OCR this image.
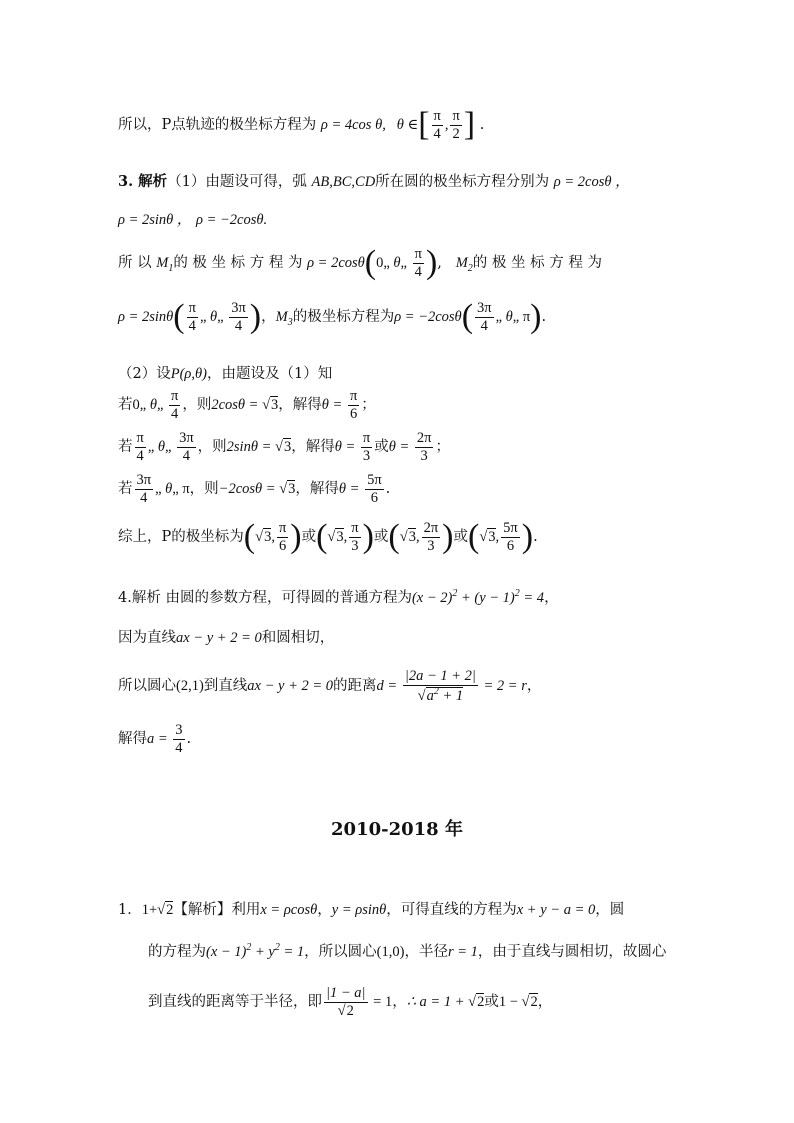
所以，P点轨迹的极坐标方程为 ρ = 4cos θ,   θ ∈[ $\frac{\pi}{4}$ , $\frac{\pi}{2}$ ] .
3. 解析（1）由题设可得，弧 AB,BC,CD所在圆的极坐标方程分别为 ρ = 2cosθ ，
ρ = 2sinθ ， ρ = −2cosθ.
所 以 $M_1$的 极 坐 标 方 程 为 ρ = 2cosθ(0„ θ„ $\frac{\pi}{4}$ ),   $M_2$的 极 坐 标 方 程 为
$\rho = 2\sin\theta( \frac{\pi}{4}$ „ θ„ $\frac{3\pi}{4}$ )，$M_3$的极坐标方程为$\rho = -2\cos\theta( \frac{3\pi}{4}$ „ θ„ π).
（2）设P(ρ,θ)，由题设及（1）知
若0„ θ„ $\frac{\pi}{4}$ ，则2cosθ = √3，解得$\theta = \frac{\pi}{6}$ ；
若 $\frac{\pi}{4}$ „ θ„ $\frac{3\pi}{4}$ ，则2sinθ = √3，解得$\theta = \frac{\pi}{3}$ 或$\theta = \frac{2\pi}{3}$ ；
若 $\frac{3\pi}{4}$ „ θ„ π，则−2cosθ = √3，解得$\theta = \frac{5\pi}{6}$ .
综上，P的极坐标为(√3, $\frac{\pi}{6}$ )或(√3, $\frac{\pi}{3}$ )或(√3, $\frac{2\pi}{3}$ )或(√3, $\frac{5\pi}{6}$ ).
4.解析 由圆的参数方程，可得圆的普通方程为$(x - 2)^2 + (y - 1)^2 = 4$，
因为直线ax − y + 2 = 0和圆相切，
所以圆心(2,1)到直线ax − y + 2 = 0的距离$d = \frac{|2a - 1 + 2|}{√a^2 + 1} = 2 = r$，
解得$a = \frac{3}{4}$ .
2010-2018 年
1．1+√2【解析】利用x = ρcosθ，y = ρsinθ，可得直线的方程为x + y − a = 0，圆
的方程为$(x - 1)^2 + y^2 = 1$，所以圆心(1,0)，半径r = 1，由于直线与圆相切，故圆心
到直线的距离等于半径，即 $\frac{|1 - a|}{√2} = 1$，∴ a = 1 + √2或1 − √2，
